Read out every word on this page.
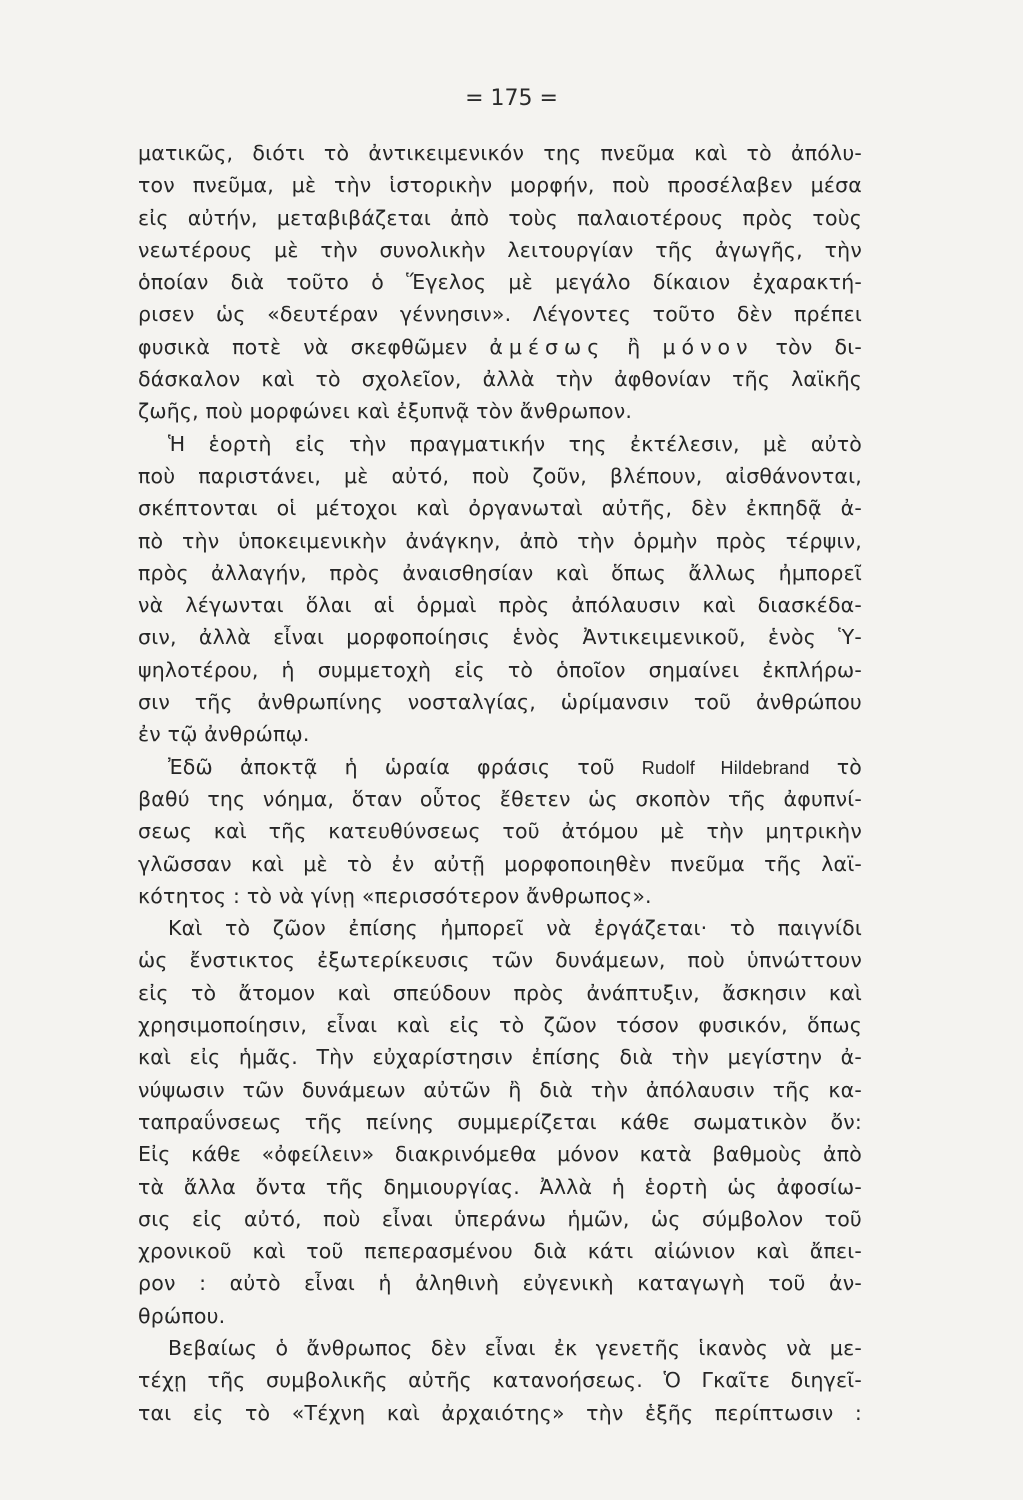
= 175 =
ματικῶς, διότι τὸ ἀντικειμενικόν της πνεῦμα καὶ τὸ ἀπόλυ-
τον πνεῦμα, μὲ τὴν ἱστορικὴν μορφήν, ποὺ προσέλαβεν μέσα
εἰς αὐτήν, μεταβιβάζεται ἀπὸ τοὺς παλαιοτέρους πρὸς τοὺς
νεωτέρους μὲ τὴν συνολικὴν λειτουργίαν τῆς ἀγωγῆς, τὴν
ὁποίαν διὰ τοῦτο ὁ Ἕγελος μὲ μεγάλο δίκαιον ἐχαρακτή-
ρισεν ὡς «δευτέραν γέννησιν». Λέγοντες τοῦτο δὲν πρέπει
φυσικὰ ποτὲ νὰ σκεφθῶμεν ἀμέσως ἢ μόνον τὸν δι-
δάσκαλον καὶ τὸ σχολεῖον, ἀλλὰ τὴν ἀφθονίαν τῆς λαϊκῆς
ζωῆς, ποὺ μορφώνει καὶ ἐξυπνᾷ τὸν ἄνθρωπον.
Ἡ ἑορτὴ εἰς τὴν πραγματικήν της ἐκτέλεσιν, μὲ αὐτὸ
ποὺ παριστάνει, μὲ αὐτό, ποὺ ζοῦν, βλέπουν, αἰσθάνονται,
σκέπτονται οἱ μέτοχοι καὶ ὀργανωταὶ αὐτῆς, δὲν ἐκπηδᾷ ἀ-
πὸ τὴν ὑποκειμενικὴν ἀνάγκην, ἀπὸ τὴν ὁρμὴν πρὸς τέρψιν,
πρὸς ἀλλαγήν, πρὸς ἀναισθησίαν καὶ ὅπως ἄλλως ἠμπορεῖ
νὰ λέγωνται ὅλαι αἱ ὁρμαὶ πρὸς ἀπόλαυσιν καὶ διασκέδα-
σιν, ἀλλὰ εἶναι μορφοποίησις ἑνὸς Ἀντικειμενικοῦ, ἑνὸς Ὑ-
ψηλοτέρου, ἡ συμμετοχὴ εἰς τὸ ὁποῖον σημαίνει ἐκπλήρω-
σιν τῆς ἀνθρωπίνης νοσταλγίας, ὡρίμανσιν τοῦ ἀνθρώπου
ἐν τῷ ἀνθρώπῳ.
Ἐδῶ ἀποκτᾷ ἡ ὡραία φράσις τοῦ Rudolf Hildebrand τὸ
βαθύ της νόημα, ὅταν οὗτος ἔθετεν ὡς σκοπὸν τῆς ἀφυπνί-
σεως καὶ τῆς κατευθύνσεως τοῦ ἀτόμου μὲ τὴν μητρικὴν
γλῶσσαν καὶ μὲ τὸ ἐν αὐτῇ μορφοποιηθὲν πνεῦμα τῆς λαϊ-
κότητος : τὸ νὰ γίνῃ «περισσότερον ἄνθρωπος».
Καὶ τὸ ζῶον ἐπίσης ἠμπορεῖ νὰ ἐργάζεται· τὸ παιγνίδι
ὡς ἔνστικτος ἐξωτερίκευσις τῶν δυνάμεων, ποὺ ὑπνώττουν
εἰς τὸ ἄτομον καὶ σπεύδουν πρὸς ἀνάπτυξιν, ἄσκησιν καὶ
χρησιμοποίησιν, εἶναι καὶ εἰς τὸ ζῶον τόσον φυσικόν, ὅπως
καὶ εἰς ἡμᾶς. Τὴν εὐχαρίστησιν ἐπίσης διὰ τὴν μεγίστην ἀ-
νύψωσιν τῶν δυνάμεων αὐτῶν ἢ διὰ τὴν ἀπόλαυσιν τῆς κα-
ταπραΰνσεως τῆς πείνης συμμερίζεται κάθε σωματικὸν ὄν:
Εἰς κάθε «ὀφείλειν» διακρινόμεθα μόνον κατὰ βαθμοὺς ἀπὸ
τὰ ἄλλα ὄντα τῆς δημιουργίας. Ἀλλὰ ἡ ἑορτὴ ὡς ἀφοσίω-
σις εἰς αὐτό, ποὺ εἶναι ὑπεράνω ἡμῶν, ὡς σύμβολον τοῦ
χρονικοῦ καὶ τοῦ πεπερασμένου διὰ κάτι αἰώνιον καὶ ἄπει-
ρον : αὐτὸ εἶναι ἡ ἀληθινὴ εὐγενικὴ καταγωγὴ τοῦ ἀν-
θρώπου.
Βεβαίως ὁ ἄνθρωπος δὲν εἶναι ἐκ γενετῆς ἱκανὸς νὰ με-
τέχῃ τῆς συμβολικῆς αὐτῆς κατανοήσεως. Ὁ Γκαῖτε διηγεῖ-
ται εἰς τὸ «Τέχνη καὶ ἀρχαιότης» τὴν ἑξῆς περίπτωσιν :
